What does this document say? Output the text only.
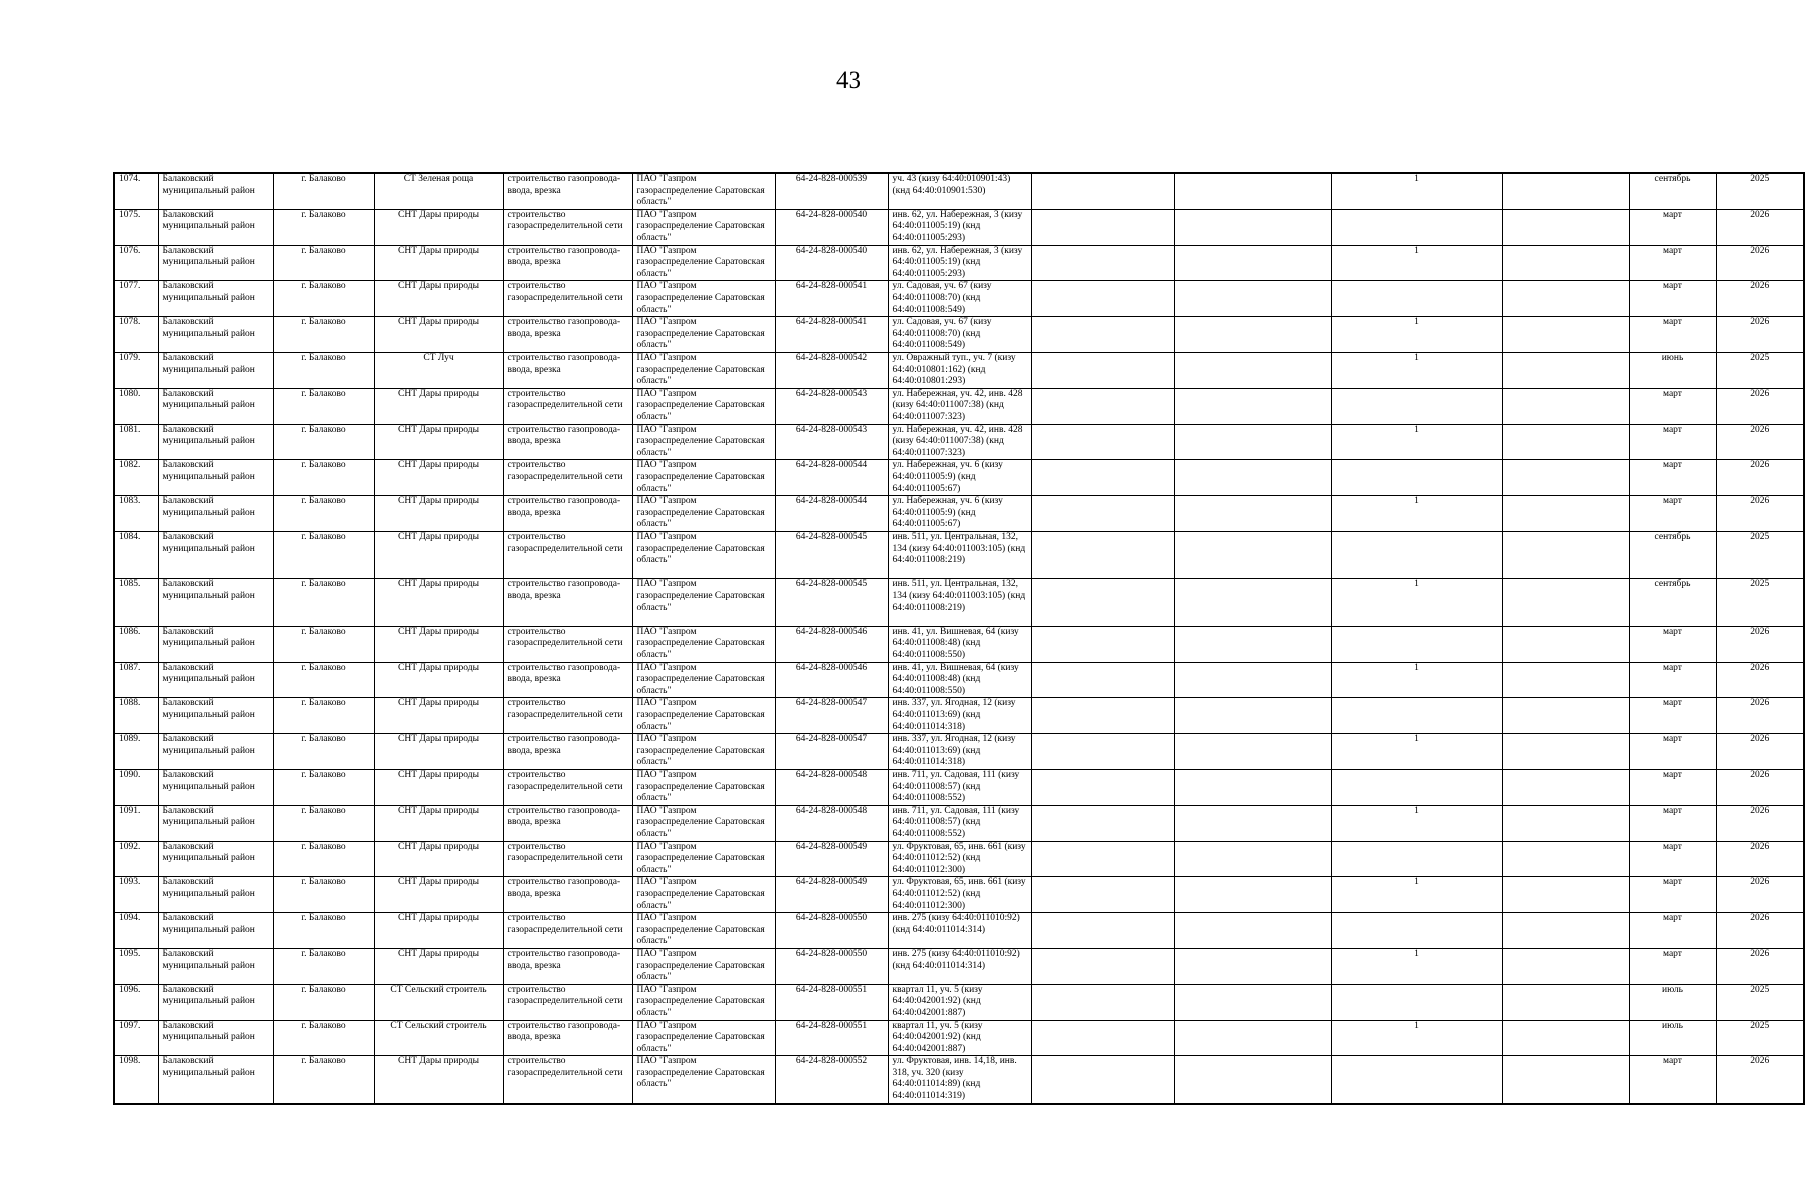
43
1074.	Балаковский муниципальный район	г. Балаково	СТ Зеленая роща	строительство газопровода-ввода, врезка	ПАО "Газпром газораспределение Саратовская область"	64-24-828-000539	уч. 43 (кизу 64:40:010901:43) (кнд 64:40:010901:530)			1		сентябрь	2025
1075.	Балаковский муниципальный район	г. Балаково	СНТ Дары природы	строительство газораспределительной сети	ПАО "Газпром газораспределение Саратовская область"	64-24-828-000540	инв. 62, ул. Набережная, 3 (кизу 64:40:011005:19) (кнд 64:40:011005:293)					март	2026
1076.	Балаковский муниципальный район	г. Балаково	СНТ Дары природы	строительство газопровода-ввода, врезка	ПАО "Газпром газораспределение Саратовская область"	64-24-828-000540	инв. 62, ул. Набережная, 3 (кизу 64:40:011005:19) (кнд 64:40:011005:293)			1		март	2026
1077.	Балаковский муниципальный район	г. Балаково	СНТ Дары природы	строительство газораспределительной сети	ПАО "Газпром газораспределение Саратовская область"	64-24-828-000541	ул. Садовая, уч. 67 (кизу 64:40:011008:70) (кнд 64:40:011008:549)					март	2026
1078.	Балаковский муниципальный район	г. Балаково	СНТ Дары природы	строительство газопровода-ввода, врезка	ПАО "Газпром газораспределение Саратовская область"	64-24-828-000541	ул. Садовая, уч. 67 (кизу 64:40:011008:70) (кнд 64:40:011008:549)			1		март	2026
1079.	Балаковский муниципальный район	г. Балаково	СТ Луч	строительство газопровода-ввода, врезка	ПАО "Газпром газораспределение Саратовская область"	64-24-828-000542	ул. Овражный туп., уч. 7 (кизу 64:40:010801:162) (кнд 64:40:010801:293)			1		июнь	2025
1080.	Балаковский муниципальный район	г. Балаково	СНТ Дары природы	строительство газораспределительной сети	ПАО "Газпром газораспределение Саратовская область"	64-24-828-000543	ул. Набережная, уч. 42, инв. 428 (кизу 64:40:011007:38) (кнд 64:40:011007:323)					март	2026
1081.	Балаковский муниципальный район	г. Балаково	СНТ Дары природы	строительство газопровода-ввода, врезка	ПАО "Газпром газораспределение Саратовская область"	64-24-828-000543	ул. Набережная, уч. 42, инв. 428 (кизу 64:40:011007:38) (кнд 64:40:011007:323)			1		март	2026
1082.	Балаковский муниципальный район	г. Балаково	СНТ Дары природы	строительство газораспределительной сети	ПАО "Газпром газораспределение Саратовская область"	64-24-828-000544	ул. Набережная, уч. 6 (кизу 64:40:011005:9) (кнд 64:40:011005:67)					март	2026
1083.	Балаковский муниципальный район	г. Балаково	СНТ Дары природы	строительство газопровода-ввода, врезка	ПАО "Газпром газораспределение Саратовская область"	64-24-828-000544	ул. Набережная, уч. 6 (кизу 64:40:011005:9) (кнд 64:40:011005:67)			1		март	2026
1084.	Балаковский муниципальный район	г. Балаково	СНТ Дары природы	строительство газораспределительной сети	ПАО "Газпром газораспределение Саратовская область"	64-24-828-000545	инв. 511, ул. Центральная, 132, 134 (кизу 64:40:011003:105) (кнд 64:40:011008:219)					сентябрь	2025
1085.	Балаковский муниципальный район	г. Балаково	СНТ Дары природы	строительство газопровода-ввода, врезка	ПАО "Газпром газораспределение Саратовская область"	64-24-828-000545	инв. 511, ул. Центральная, 132, 134 (кизу 64:40:011003:105) (кнд 64:40:011008:219)			1		сентябрь	2025
1086.	Балаковский муниципальный район	г. Балаково	СНТ Дары природы	строительство газораспределительной сети	ПАО "Газпром газораспределение Саратовская область"	64-24-828-000546	инв. 41, ул. Вишневая, 64 (кизу 64:40:011008:48) (кнд 64:40:011008:550)					март	2026
1087.	Балаковский муниципальный район	г. Балаково	СНТ Дары природы	строительство газопровода-ввода, врезка	ПАО "Газпром газораспределение Саратовская область"	64-24-828-000546	инв. 41, ул. Вишневая, 64 (кизу 64:40:011008:48) (кнд 64:40:011008:550)			1		март	2026
1088.	Балаковский муниципальный район	г. Балаково	СНТ Дары природы	строительство газораспределительной сети	ПАО "Газпром газораспределение Саратовская область"	64-24-828-000547	инв. 337, ул. Ягодная, 12 (кизу 64:40:011013:69) (кнд 64:40:011014:318)					март	2026
1089.	Балаковский муниципальный район	г. Балаково	СНТ Дары природы	строительство газопровода-ввода, врезка	ПАО "Газпром газораспределение Саратовская область"	64-24-828-000547	инв. 337, ул. Ягодная, 12 (кизу 64:40:011013:69) (кнд 64:40:011014:318)			1		март	2026
1090.	Балаковский муниципальный район	г. Балаково	СНТ Дары природы	строительство газораспределительной сети	ПАО "Газпром газораспределение Саратовская область"	64-24-828-000548	инв. 711, ул. Садовая, 111 (кизу 64:40:011008:57) (кнд 64:40:011008:552)					март	2026
1091.	Балаковский муниципальный район	г. Балаково	СНТ Дары природы	строительство газопровода-ввода, врезка	ПАО "Газпром газораспределение Саратовская область"	64-24-828-000548	инв. 711, ул. Садовая, 111 (кизу 64:40:011008:57) (кнд 64:40:011008:552)			1		март	2026
1092.	Балаковский муниципальный район	г. Балаково	СНТ Дары природы	строительство газораспределительной сети	ПАО "Газпром газораспределение Саратовская область"	64-24-828-000549	ул. Фруктовая, 65, инв. 661 (кизу 64:40:011012:52) (кнд 64:40:011012:300)					март	2026
1093.	Балаковский муниципальный район	г. Балаково	СНТ Дары природы	строительство газопровода-ввода, врезка	ПАО "Газпром газораспределение Саратовская область"	64-24-828-000549	ул. Фруктовая, 65, инв. 661 (кизу 64:40:011012:52) (кнд 64:40:011012:300)			1		март	2026
1094.	Балаковский муниципальный район	г. Балаково	СНТ Дары природы	строительство газораспределительной сети	ПАО "Газпром газораспределение Саратовская область"	64-24-828-000550	инв. 275 (кизу 64:40:011010:92) (кнд 64:40:011014:314)					март	2026
1095.	Балаковский муниципальный район	г. Балаково	СНТ Дары природы	строительство газопровода-ввода, врезка	ПАО "Газпром газораспределение Саратовская область"	64-24-828-000550	инв. 275 (кизу 64:40:011010:92) (кнд 64:40:011014:314)			1		март	2026
1096.	Балаковский муниципальный район	г. Балаково	СТ Сельский строитель	строительство газораспределительной сети	ПАО "Газпром газораспределение Саратовская область"	64-24-828-000551	квартал 11, уч. 5 (кизу 64:40:042001:92) (кнд 64:40:042001:887)					июль	2025
1097.	Балаковский муниципальный район	г. Балаково	СТ Сельский строитель	строительство газопровода-ввода, врезка	ПАО "Газпром газораспределение Саратовская область"	64-24-828-000551	квартал 11, уч. 5 (кизу 64:40:042001:92) (кнд 64:40:042001:887)			1		июль	2025
1098.	Балаковский муниципальный район	г. Балаково	СНТ Дары природы	строительство газораспределительной сети	ПАО "Газпром газораспределение Саратовская область"	64-24-828-000552	ул. Фруктовая, инв. 14,18, инв. 318, уч. 320 (кизу 64:40:011014:89) (кнд 64:40:011014:319)					март	2026
